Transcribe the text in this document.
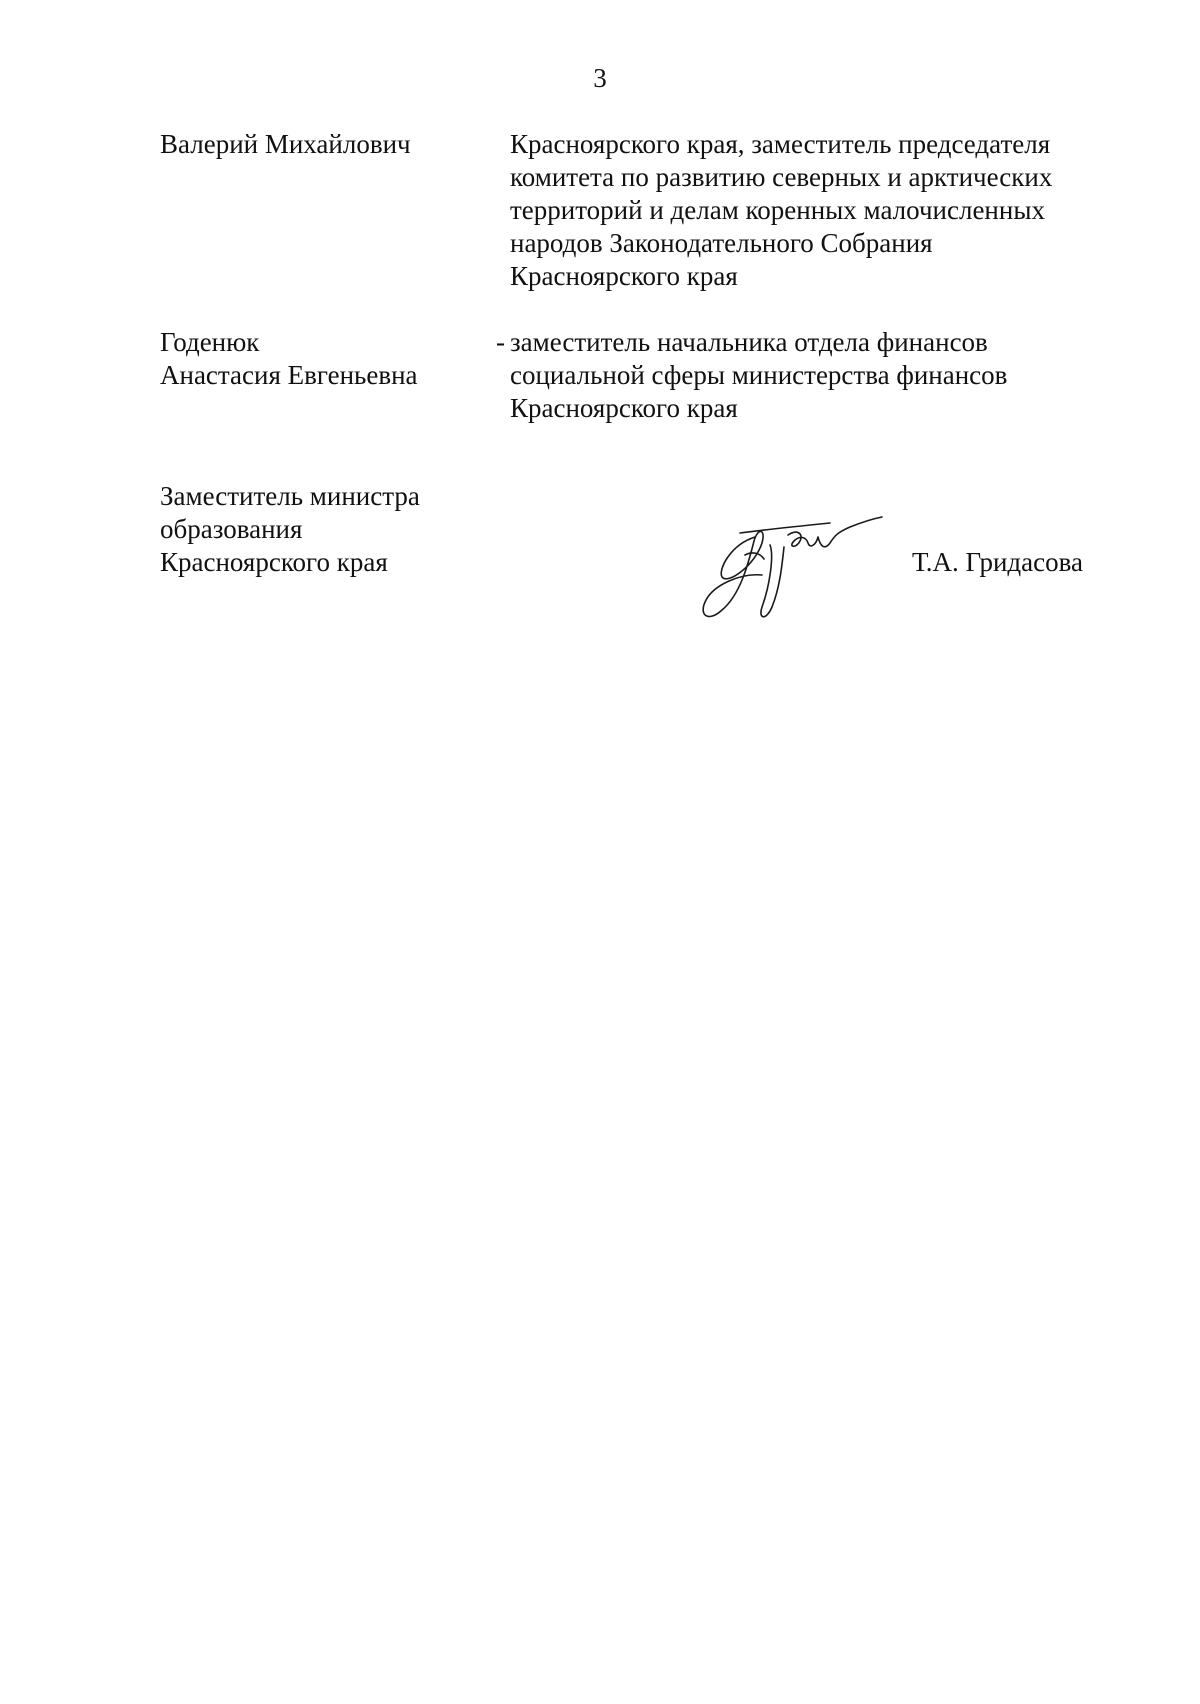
3
Валерий Михайлович	Красноярского края, заместитель председателя
комитета по развитию северных и арктических
территорий и делам коренных малочисленных
народов Законодательного Собрания
Красноярского края
Годенюк
Анастасия Евгеньевна
- заместитель начальника отдела финансов
социальной сферы министерства финансов
Красноярского края
Заместитель министра
образования
Красноярского края	Т.А. Гридасова
